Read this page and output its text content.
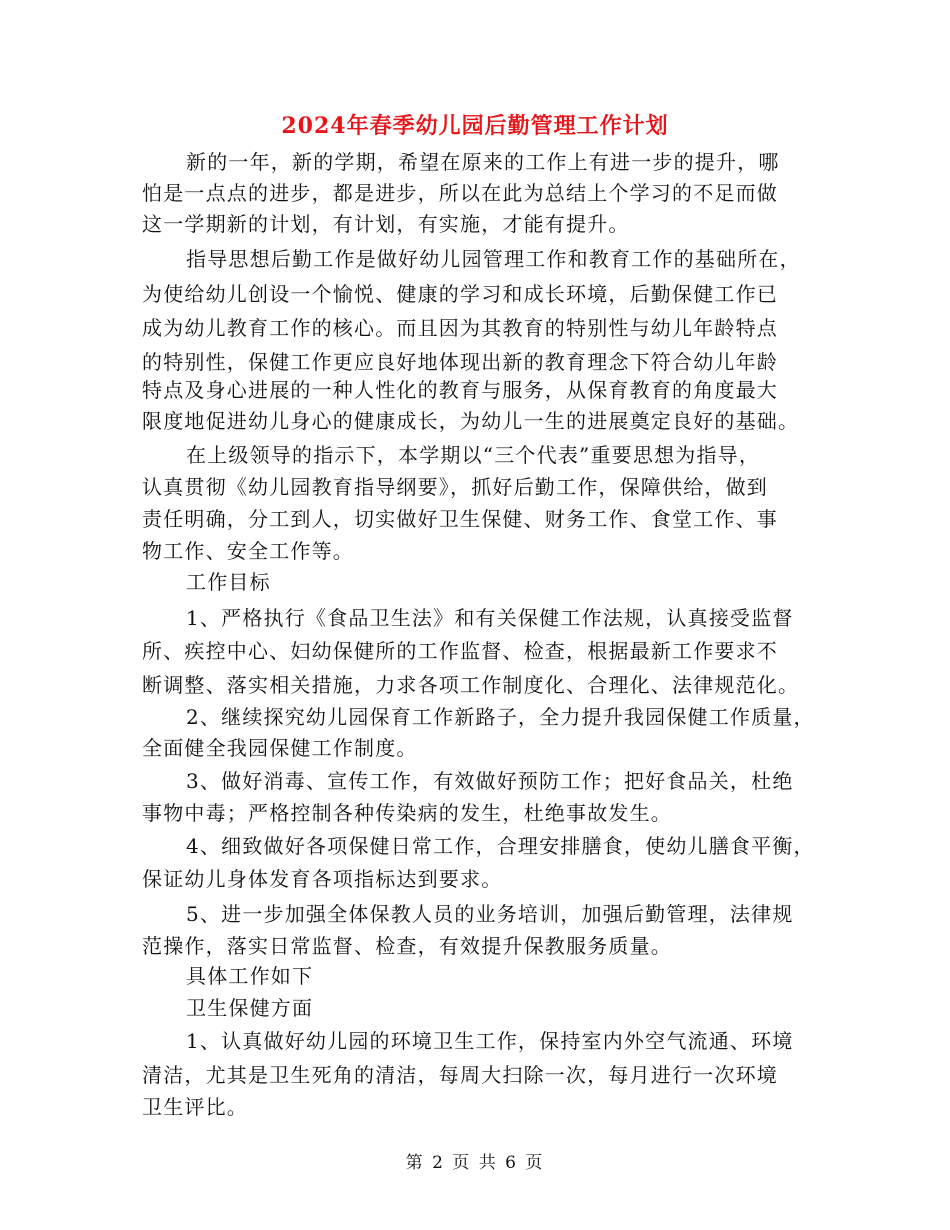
2024年春季幼儿园后勤管理工作计划
新的一年，新的学期，希望在原来的工作上有进一步的提升，哪
怕是一点点的进步，都是进步，所以在此为总结上个学习的不足而做
这一学期新的计划，有计划，有实施，才能有提升。
指导思想后勤工作是做好幼儿园管理工作和教育工作的基础所在，
为使给幼儿创设一个愉悦、健康的学习和成长环境，后勤保健工作已
成为幼儿教育工作的核心。而且因为其教育的特别性与幼儿年龄特点
的特别性，保健工作更应良好地体现出新的教育理念下符合幼儿年龄
特点及身心进展的一种人性化的教育与服务，从保育教育的角度最大
限度地促进幼儿身心的健康成长，为幼儿一生的进展奠定良好的基础。
在上级领导的指示下，本学期以“三个代表”重要思想为指导，
认真贯彻《幼儿园教育指导纲要》，抓好后勤工作，保障供给，做到
责任明确，分工到人，切实做好卫生保健、财务工作、食堂工作、事
物工作、安全工作等。
工作目标
1、严格执行《食品卫生法》和有关保健工作法规，认真接受监督
所、疾控中心、妇幼保健所的工作监督、检查，根据最新工作要求不
断调整、落实相关措施，力求各项工作制度化、合理化、法律规范化。
2、继续探究幼儿园保育工作新路子，全力提升我园保健工作质量，
全面健全我园保健工作制度。
3、做好消毒、宣传工作，有效做好预防工作；把好食品关，杜绝
事物中毒；严格控制各种传染病的发生，杜绝事故发生。
4、细致做好各项保健日常工作，合理安排膳食，使幼儿膳食平衡，
保证幼儿身体发育各项指标达到要求。
5、进一步加强全体保教人员的业务培训，加强后勤管理，法律规
范操作，落实日常监督、检查，有效提升保教服务质量。
具体工作如下
卫生保健方面
1、认真做好幼儿园的环境卫生工作，保持室内外空气流通、环境
清洁，尤其是卫生死角的清洁，每周大扫除一次，每月进行一次环境
卫生评比。
第 2 页 共 6 页
